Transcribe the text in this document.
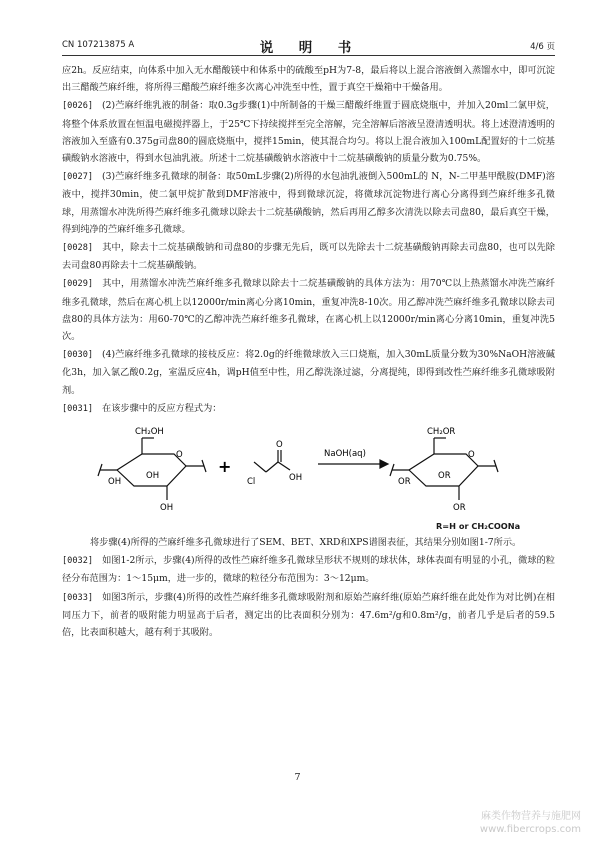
CN 107213875 A	说　明　书	4/6 页

应2h。反应结束，向体系中加入无水醋酸镁中和体系中的硫酸至pH为7-8，最后将以上混合溶液倒入蒸馏水中，即可沉淀出三醋酸苎麻纤维，将所得三醋酸苎麻纤维多次离心冲洗至中性，置于真空干燥箱中干燥备用。

[0026] (2)苎麻纤维乳液的制备：取0.3g步骤(1)中所制备的干燥三醋酸纤维置于圆底烧瓶中，并加入20ml二氯甲烷，将整个体系放置在恒温电磁搅拌器上，于25℃下持续搅拌至完全溶解，完全溶解后溶液呈澄清透明状。将上述澄清透明的溶液加入至盛有0.375g司盘80的圆底烧瓶中，搅拌15min，使其混合均匀。将以上混合液加入100mL配置好的十二烷基磺酸钠水溶液中，得到水包油乳液。所述十二烷基磺酸钠水溶液中十二烷基磺酸钠的质量分数为0.75%。

[0027] (3)苎麻纤维多孔微球的制备：取50mL步骤(2)所得的水包油乳液倒入500mL的 N，N-二甲基甲酰胺(DMF)溶液中，搅拌30min，使二氯甲烷扩散到DMF溶液中，得到微球沉淀，将微球沉淀物进行离心分离得到苎麻纤维多孔微球，用蒸馏水冲洗所得苎麻纤维多孔微球以除去十二烷基磺酸钠，然后再用乙醇多次清洗以除去司盘80，最后真空干燥，得到纯净的苎麻纤维多孔微球。

[0028] 其中，除去十二烷基磺酸钠和司盘80的步骤无先后，既可以先除去十二烷基磺酸钠再除去司盘80，也可以先除去司盘80再除去十二烷基磺酸钠。

[0029] 其中，用蒸馏水冲洗苎麻纤维多孔微球以除去十二烷基磺酸钠的具体方法为：用70℃以上热蒸馏水冲洗苎麻纤维多孔微球，然后在离心机上以12000r/min离心分离10min，重复冲洗8-10次。用乙醇冲洗苎麻纤维多孔微球以除去司盘80的具体方法为：用60-70℃的乙醇冲洗苎麻纤维多孔微球，在离心机上以12000r/min离心分离10min，重复冲洗5次。

[0030] (4)苎麻纤维多孔微球的接枝反应：将2.0g的纤维微球放入三口烧瓶，加入30mL质量分数为30%NaOH溶液碱化3h，加入氯乙酸0.2g，室温反应4h，调pH值至中性，用乙醇洗涤过滤，分离提纯，即得到改性苎麻纤维多孔微球吸附剂。

[0031] 在该步骤中的反应方程式为：

CH₂OH
O
OH
OH
OH
+
Cl
O
OH
NaOH(aq)
CH₂OR
O
OR
OR
OR
R=H or CH₂COONa

将步骤(4)所得的苎麻纤维多孔微球进行了SEM、BET、XRD和XPS谱图表征，其结果分别如图1-7所示。

[0032] 如图1-2所示，步骤(4)所得的改性苎麻纤维多孔微球呈形状不规则的球状体，球体表面有明显的小孔，微球的粒径分布范围为：1～15μm，进一步的，微球的粒径分布范围为：3～12μm。

[0033] 如图3所示，步骤(4)所得的改性苎麻纤维多孔微球吸附剂和原始苎麻纤维(原始苎麻纤维在此处作为对比例)在相同压力下，前者的吸附能力明显高于后者，测定出的比表面积分别为：47.6m²/g和0.8m²/g，前者几乎是后者的59.5倍，比表面积越大，越有利于其吸附。

7
麻类作物营养与施肥网
www.fibercrops.com
